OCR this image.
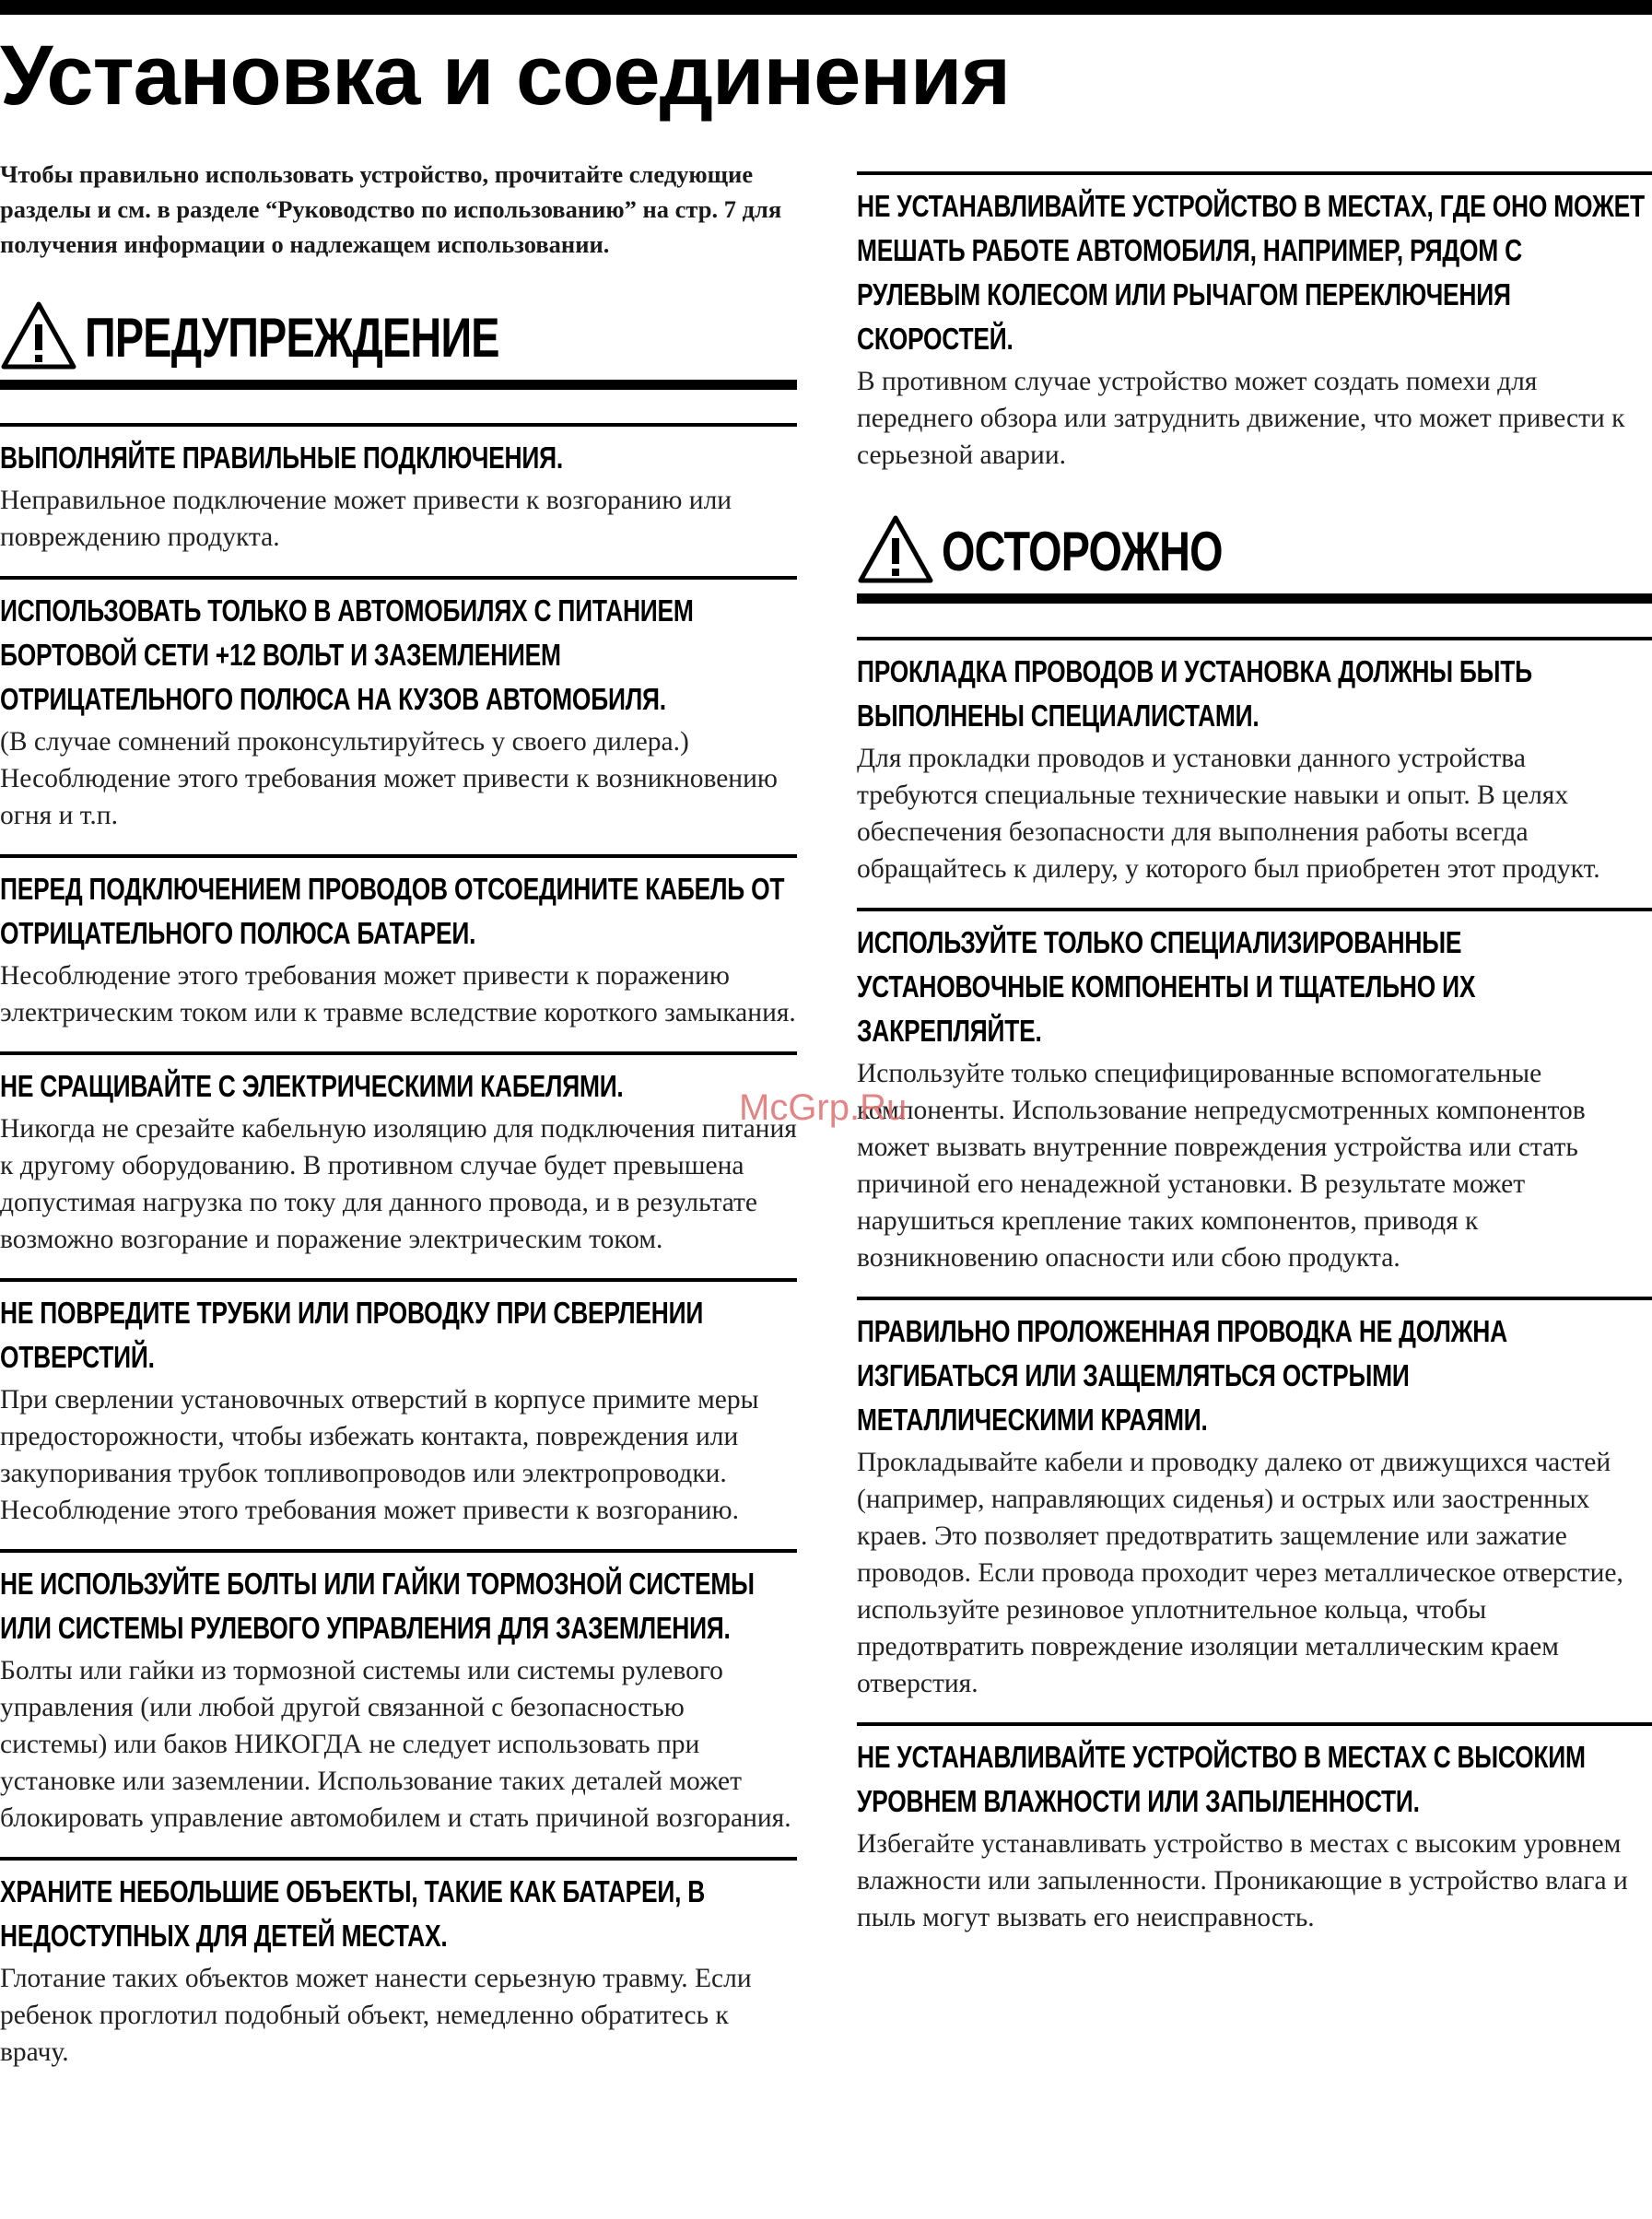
Установка и соединения

Чтобы правильно использовать устройство, прочитайте следующие разделы и см. в разделе “Руководство по использованию” на стр. 7 для получения информации о надлежащем использовании.

ПРЕДУПРЕЖДЕНИЕ
ВЫПОЛНЯЙТЕ ПРАВИЛЬНЫЕ ПОДКЛЮЧЕНИЯ.

Неправильное подключение может привести к возгоранию или повреждению продукта.

ИСПОЛЬЗОВАТЬ ТОЛЬКО В АВТОМОБИЛЯХ С ПИТАНИЕМ БОРТОВОЙ СЕТИ +12 ВОЛЬТ И ЗАЗЕМЛЕНИЕМ ОТРИЦАТЕЛЬНОГО ПОЛЮСА НА КУЗОВ АВТОМОБИЛЯ.

(В случае сомнений проконсультируйтесь у своего дилера.) Несоблюдение этого требования может привести к возникновению огня и т.п.

ПЕРЕД ПОДКЛЮЧЕНИЕМ ПРОВОДОВ ОТСОЕДИНИТЕ КАБЕЛЬ ОТ ОТРИЦАТЕЛЬНОГО ПОЛЮСА БАТАРЕИ.

Несоблюдение этого требования может привести к поражению электрическим током или к травме вследствие короткого замыкания.

НЕ СРАЩИВАЙТЕ С ЭЛЕКТРИЧЕСКИМИ КАБЕЛЯМИ.

Никогда не срезайте кабельную изоляцию для подключения питания к другому оборудованию. В противном случае будет превышена допустимая нагрузка по току для данного провода, и в результате возможно возгорание и поражение электрическим током.

НЕ ПОВРЕДИТЕ ТРУБКИ ИЛИ ПРОВОДКУ ПРИ СВЕРЛЕНИИ ОТВЕРСТИЙ.

При сверлении установочных отверстий в корпусе примите меры предосторожности, чтобы избежать контакта, повреждения или закупоривания трубок топливопроводов или электропроводки. Несоблюдение этого требования может привести к возгоранию.

НЕ ИСПОЛЬЗУЙТЕ БОЛТЫ ИЛИ ГАЙКИ ТОРМОЗНОЙ СИСТЕМЫ ИЛИ СИСТЕМЫ РУЛЕВОГО УПРАВЛЕНИЯ ДЛЯ ЗАЗЕМЛЕНИЯ.

Болты или гайки из тормозной системы или системы рулевого управления (или любой другой связанной с безопасностью системы) или баков НИКОГДА не следует использовать при установке или заземлении. Использование таких деталей может блокировать управление автомобилем и стать причиной возгорания.

ХРАНИТЕ НЕБОЛЬШИЕ ОБЪЕКТЫ, ТАКИЕ КАК БАТАРЕИ, В НЕДОСТУПНЫХ ДЛЯ ДЕТЕЙ МЕСТАХ.

Глотание таких объектов может нанести серьезную травму. Если ребенок проглотил подобный объект, немедленно обратитесь к врачу.

НЕ УСТАНАВЛИВАЙТЕ УСТРОЙСТВО В МЕСТАХ, ГДЕ ОНО МОЖЕТ МЕШАТЬ РАБОТЕ АВТОМОБИЛЯ, НАПРИМЕР, РЯДОМ С РУЛЕВЫМ КОЛЕСОМ ИЛИ РЫЧАГОМ ПЕРЕКЛЮЧЕНИЯ СКОРОСТЕЙ.

В противном случае устройство может создать помехи для переднего обзора или затруднить движение, что может привести к серьезной аварии.

ОСТОРОЖНО
ПРОКЛАДКА ПРОВОДОВ И УСТАНОВКА ДОЛЖНЫ БЫТЬ ВЫПОЛНЕНЫ СПЕЦИАЛИСТАМИ.

Для прокладки проводов и установки данного устройства требуются специальные технические навыки и опыт. В целях обеспечения безопасности для выполнения работы всегда обращайтесь к дилеру, у которого был приобретен этот продукт.

ИСПОЛЬЗУЙТЕ ТОЛЬКО СПЕЦИАЛИЗИРОВАННЫЕ УСТАНОВОЧНЫЕ КОМПОНЕНТЫ И ТЩАТЕЛЬНО ИХ ЗАКРЕПЛЯЙТЕ.

Используйте только специфицированные вспомогательные компоненты. Использование непредусмотренных компонентов может вызвать внутренние повреждения устройства или стать причиной его ненадежной установки. В результате может нарушиться крепление таких компонентов, приводя к возникновению опасности или сбою продукта.

ПРАВИЛЬНО ПРОЛОЖЕННАЯ ПРОВОДКА НЕ ДОЛЖНА ИЗГИБАТЬСЯ ИЛИ ЗАЩЕМЛЯТЬСЯ ОСТРЫМИ МЕТАЛЛИЧЕСКИМИ КРАЯМИ.

Прокладывайте кабели и проводку далеко от движущихся частей (например, направляющих сиденья) и острых или заостренных краев. Это позволяет предотвратить защемление или зажатие проводов. Если провода проходит через металлическое отверстие, используйте резиновое уплотнительное кольца, чтобы предотвратить повреждение изоляции металлическим краем отверстия.

НЕ УСТАНАВЛИВАЙТЕ УСТРОЙСТВО В МЕСТАХ С ВЫСОКИМ УРОВНЕМ ВЛАЖНОСТИ ИЛИ ЗАПЫЛЕННОСТИ.

Избегайте устанавливать устройство в местах с высоким уровнем влажности или запыленности. Проникающие в устройство влага и пыль могут вызвать его неисправность.

McGrp.Ru
